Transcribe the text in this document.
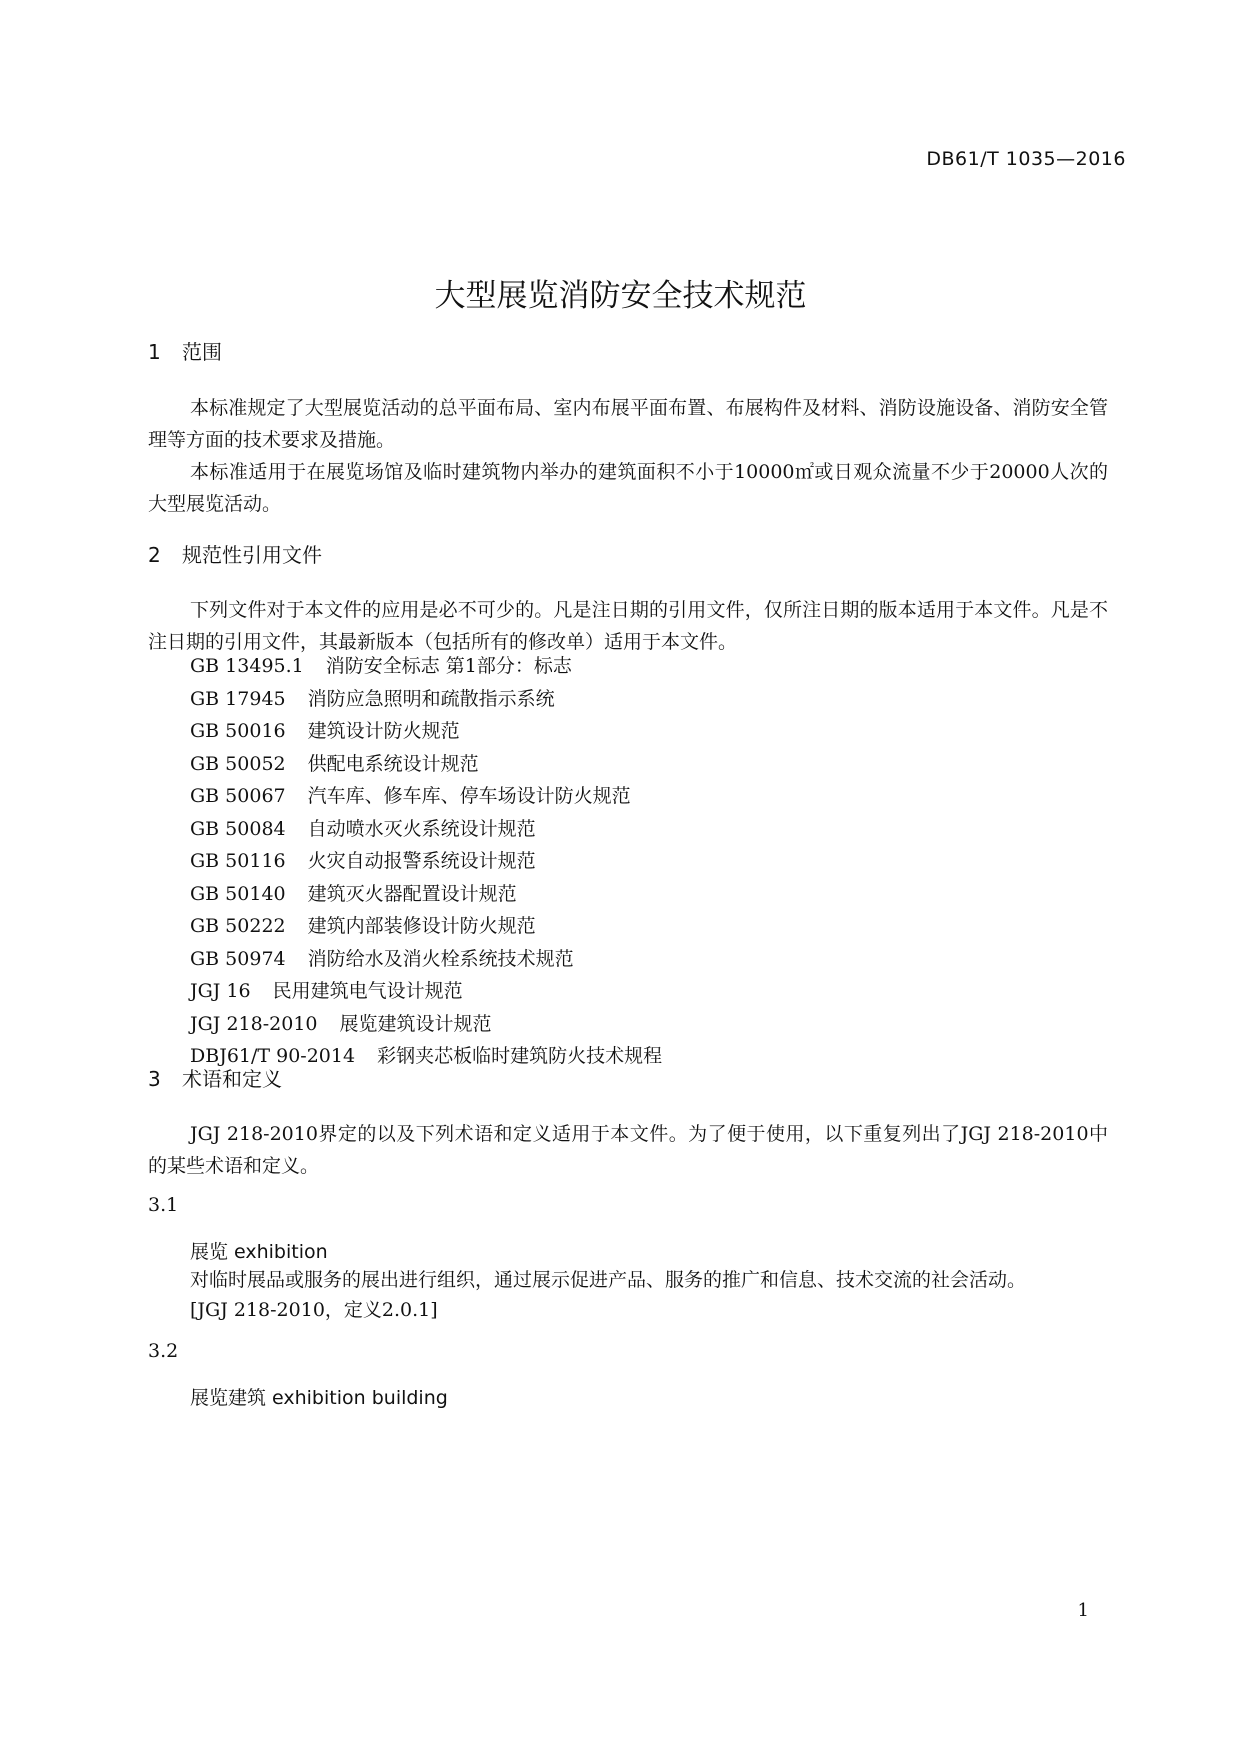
DB61/T 1035—2016
大型展览消防安全技术规范
1 范围

本标准规定了大型展览活动的总平面布局、室内布展平面布置、布展构件及材料、消防设施设备、消防安全管理等方面的技术要求及措施。

本标准适用于在展览场馆及临时建筑物内举办的建筑面积不小于10000㎡或日观众流量不少于20000人次的大型展览活动。

2 规范性引用文件

下列文件对于本文件的应用是必不可少的。凡是注日期的引用文件，仅所注日期的版本适用于本文件。凡是不注日期的引用文件，其最新版本（包括所有的修改单）适用于本文件。

GB 13495.1 消防安全标志 第1部分：标志
GB 17945 消防应急照明和疏散指示系统
GB 50016 建筑设计防火规范
GB 50052 供配电系统设计规范
GB 50067 汽车库、修车库、停车场设计防火规范
GB 50084 自动喷水灭火系统设计规范
GB 50116 火灾自动报警系统设计规范
GB 50140 建筑灭火器配置设计规范
GB 50222 建筑内部装修设计防火规范
GB 50974 消防给水及消火栓系统技术规范
JGJ 16 民用建筑电气设计规范
JGJ 218-2010 展览建筑设计规范
DBJ61/T 90-2014 彩钢夹芯板临时建筑防火技术规程
3 术语和定义

JGJ 218-2010界定的以及下列术语和定义适用于本文件。为了便于使用，以下重复列出了JGJ 218-2010中的某些术语和定义。

3.1
展览 exhibition
对临时展品或服务的展出进行组织，通过展示促进产品、服务的推广和信息、技术交流的社会活动。
[JGJ 218-2010，定义2.0.1]
3.2
展览建筑 exhibition building
1
